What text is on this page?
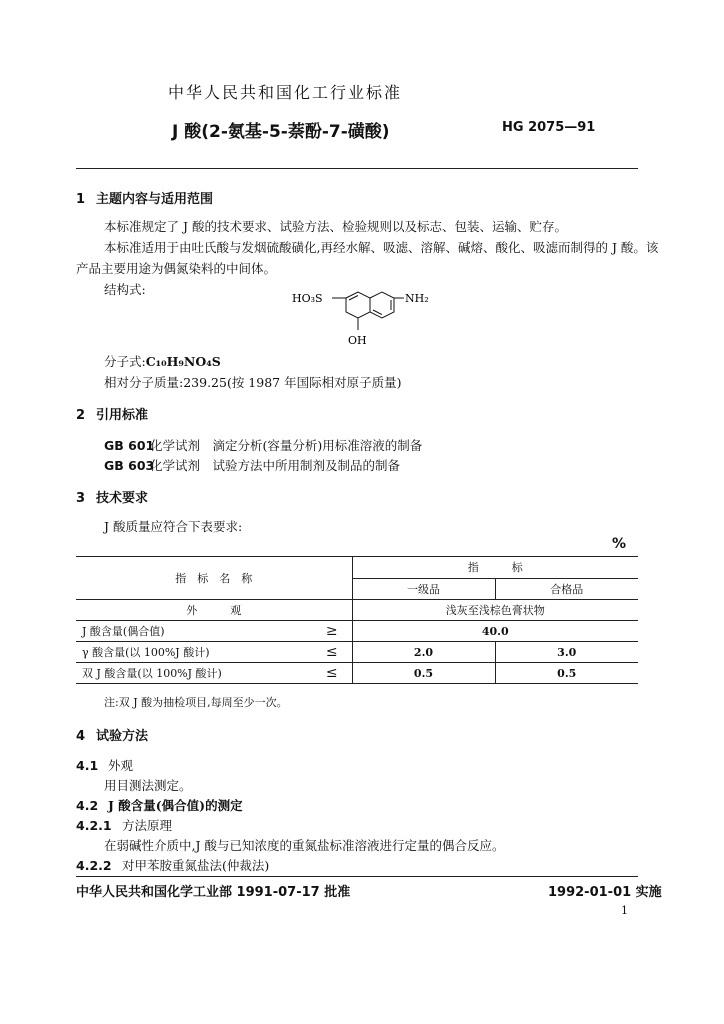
中华人民共和国化工行业标准
J 酸(2-氨基-5-萘酚-7-磺酸)	HG 2075—91
1 主题内容与适用范围
本标准规定了 J 酸的技术要求、试验方法、检验规则以及标志、包装、运输、贮存。
本标准适用于由吐氏酸与发烟硫酸磺化,再经水解、吸滤、溶解、碱熔、酸化、吸滤而制得的 J 酸。该
产品主要用途为偶氮染料的中间体。
结构式:
HO₃S	NH₂
OH
分子式:C₁₀H₉NO₄S
相对分子质量:239.25(按 1987 年国际相对原子质量)
2 引用标准
GB 601化学试剂　滴定分析(容量分析)用标准溶液的制备
GB 603化学试剂　试验方法中所用制剂及制品的制备
3 技术要求
J 酸质量应符合下表要求:
%
指　标　名　称		指　　　标	
		一级品	合格品
外　　　观		浅灰至浅棕色膏状物	
J 酸含量(偶合值)	≥	40.0	
γ 酸含量(以 100%J 酸计)	≤	2.0	3.0
双 J 酸含量(以 100%J 酸计)	≤	0.5	0.5
注:双 J 酸为抽检项目,每周至少一次。
4 试验方法
4.1 外观
用目测法测定。
4.2 J 酸含量(偶合值)的测定
4.2.1 方法原理
在弱碱性介质中,J 酸与已知浓度的重氮盐标准溶液进行定量的偶合反应。
4.2.2 对甲苯胺重氮盐法(仲裁法)
中华人民共和国化学工业部 1991-07-17 批准	1992-01-01 实施
1
